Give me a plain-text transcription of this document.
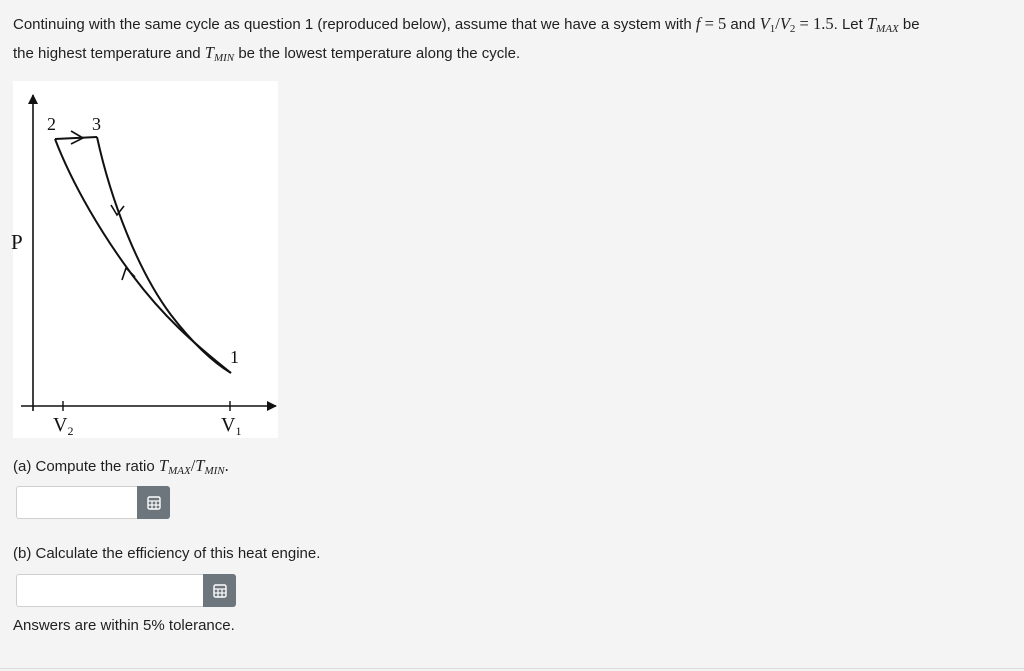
Continuing with the same cycle as question 1 (reproduced below), assume that we have a system with f = 5 and $V_1/V_2 = 1.5$. Let $T_{MAX}$ be
the highest temperature and $T_{MIN}$ be the lowest temperature along the cycle.
2 3
1
$V_2$	$V_1$
P
(a) Compute the ratio $T_{MAX}/T_{MIN}$.
(b) Calculate the efficiency of this heat engine.
Answers are within 5% tolerance.
